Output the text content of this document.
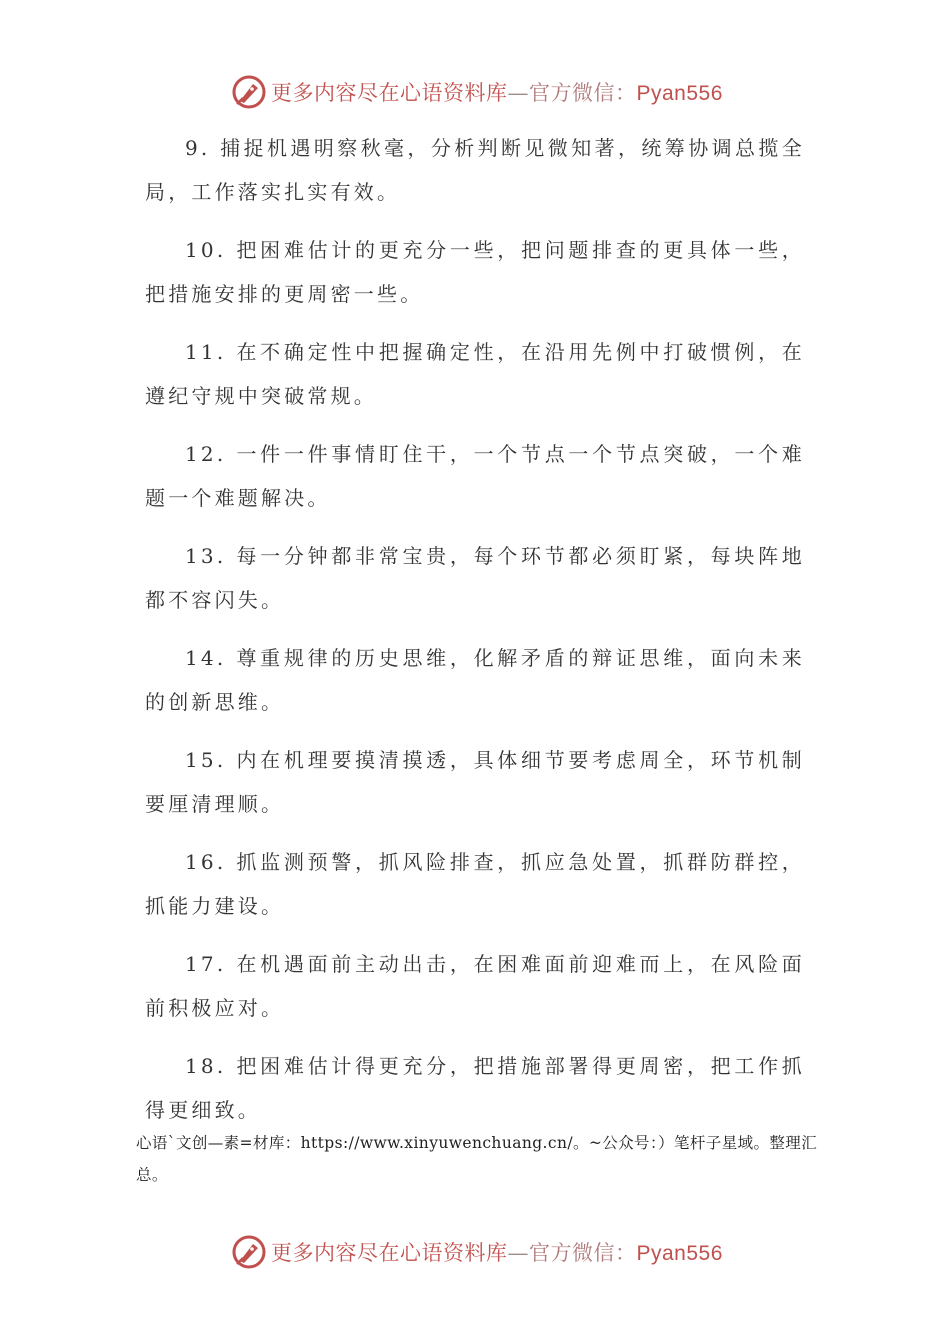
更多内容尽在心语资料库—官方微信：Pyan556

9. 捕捉机遇明察秋毫，分析判断见微知著，统筹协调总揽全局，工作落实扎实有效。

10. 把困难估计的更充分一些，把问题排查的更具体一些，把措施安排的更周密一些。

11. 在不确定性中把握确定性，在沿用先例中打破惯例，在遵纪守规中突破常规。

12. 一件一件事情盯住干，一个节点一个节点突破，一个难题一个难题解决。

13. 每一分钟都非常宝贵，每个环节都必须盯紧，每块阵地都不容闪失。

14. 尊重规律的历史思维，化解矛盾的辩证思维，面向未来的创新思维。

15. 内在机理要摸清摸透，具体细节要考虑周全，环节机制要厘清理顺。

16. 抓监测预警，抓风险排查，抓应急处置，抓群防群控，抓能力建设。

17. 在机遇面前主动出击，在困难面前迎难而上，在风险面前积极应对。

18. 把困难估计得更充分，把措施部署得更周密，把工作抓得更细致。

心语`文创—素=材库：https://www.xinyuwenchuang.cn/。~公众号：）笔杆子星域。整理汇总。
更多内容尽在心语资料库—官方微信：Pyan556
